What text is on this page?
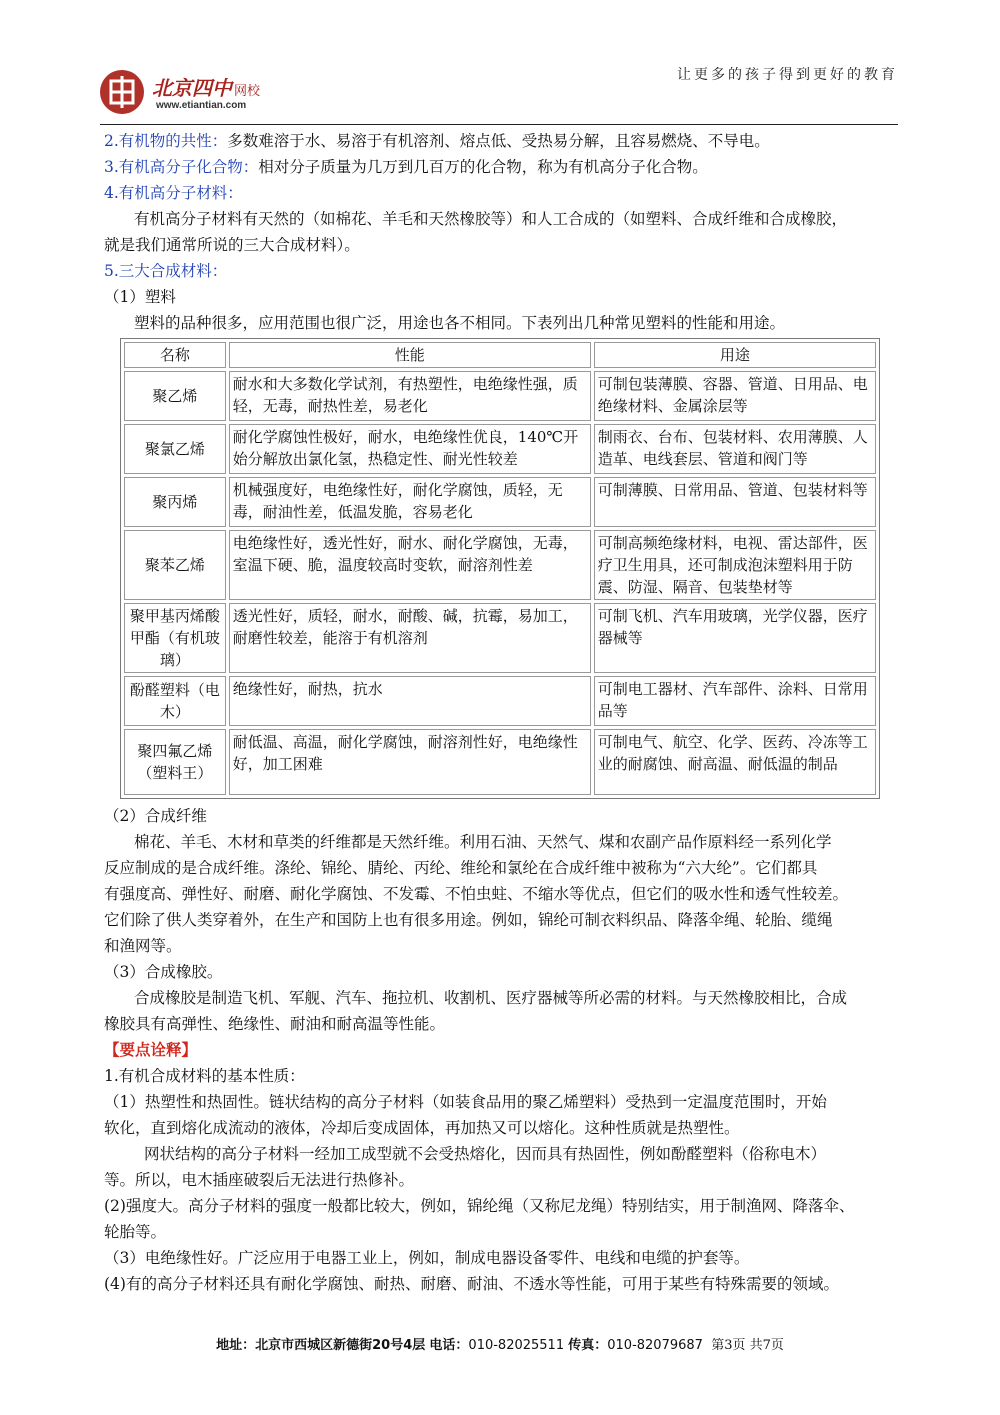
北京四中 网校
www.etiantian.com
让更多的孩子得到更好的教育

2.有机物的共性：多数难溶于水、易溶于有机溶剂、熔点低、受热易分解，且容易燃烧、不导电。

3.有机高分子化合物：相对分子质量为几万到几百万的化合物，称为有机高分子化合物。

4.有机高分子材料：

有机高分子材料有天然的（如棉花、羊毛和天然橡胶等）和人工合成的（如塑料、合成纤维和合成橡胶，

就是我们通常所说的三大合成材料）。

5.三大合成材料：

（1）塑料

塑料的品种很多，应用范围也很广泛，用途也各不相同。下表列出几种常见塑料的性能和用途。

名称	性能	用途
聚乙烯	耐水和大多数化学试剂，有热塑性，电绝缘性强，质轻，无毒，耐热性差，易老化	可制包装薄膜、容器、管道、日用品、电绝缘材料、金属涂层等
聚氯乙烯	耐化学腐蚀性极好，耐水，电绝缘性优良，140℃开始分解放出氯化氢，热稳定性、耐光性较差	制雨衣、台布、包装材料、农用薄膜、人造革、电线套层、管道和阀门等
聚丙烯	机械强度好，电绝缘性好，耐化学腐蚀，质轻，无毒，耐油性差，低温发脆，容易老化	可制薄膜、日常用品、管道、包装材料等
聚苯乙烯	电绝缘性好，透光性好，耐水、耐化学腐蚀，无毒，室温下硬、脆，温度较高时变软，耐溶剂性差	可制高频绝缘材料，电视、雷达部件，医疗卫生用具，还可制成泡沫塑料用于防震、防湿、隔音、包装垫材等
聚甲基丙烯酸甲酯（有机玻璃）	透光性好，质轻，耐水，耐酸、碱，抗霉，易加工，耐磨性较差，能溶于有机溶剂	可制飞机、汽车用玻璃，光学仪器，医疗器械等
酚醛塑料（电木）	绝缘性好，耐热，抗水	可制电工器材、汽车部件、涂料、日常用品等
聚四氟乙烯（塑料王）	耐低温、高温，耐化学腐蚀，耐溶剂性好，电绝缘性好，加工困难	可制电气、航空、化学、医药、冷冻等工业的耐腐蚀、耐高温、耐低温的制品

（2）合成纤维

棉花、羊毛、木材和草类的纤维都是天然纤维。利用石油、天然气、煤和农副产品作原料经一系列化学

反应制成的是合成纤维。涤纶、锦纶、腈纶、丙纶、维纶和氯纶在合成纤维中被称为“六大纶”。它们都具

有强度高、弹性好、耐磨、耐化学腐蚀、不发霉、不怕虫蛀、不缩水等优点，但它们的吸水性和透气性较差。

它们除了供人类穿着外，在生产和国防上也有很多用途。例如，锦纶可制衣料织品、降落伞绳、轮胎、缆绳

和渔网等。

（3）合成橡胶。

合成橡胶是制造飞机、军舰、汽车、拖拉机、收割机、医疗器械等所必需的材料。与天然橡胶相比，合成

橡胶具有高弹性、绝缘性、耐油和耐高温等性能。

【要点诠释】

1.有机合成材料的基本性质：

（1）热塑性和热固性。链状结构的高分子材料（如装食品用的聚乙烯塑料）受热到一定温度范围时，开始

软化，直到熔化成流动的液体，冷却后变成固体，再加热又可以熔化。这种性质就是热塑性。

网状结构的高分子材料一经加工成型就不会受热熔化，因而具有热固性，例如酚醛塑料（俗称电木）

等。所以，电木插座破裂后无法进行热修补。

(2)强度大。高分子材料的强度一般都比较大，例如，锦纶绳（又称尼龙绳）特别结实，用于制渔网、降落伞、

轮胎等。

（3）电绝缘性好。广泛应用于电器工业上，例如，制成电器设备零件、电线和电缆的护套等。

(4)有的高分子材料还具有耐化学腐蚀、耐热、耐磨、耐油、不透水等性能，可用于某些有特殊需要的领域。

地址：北京市西城区新德街20号4层 电话：010-82025511 传真：010-82079687 第3页 共7页
